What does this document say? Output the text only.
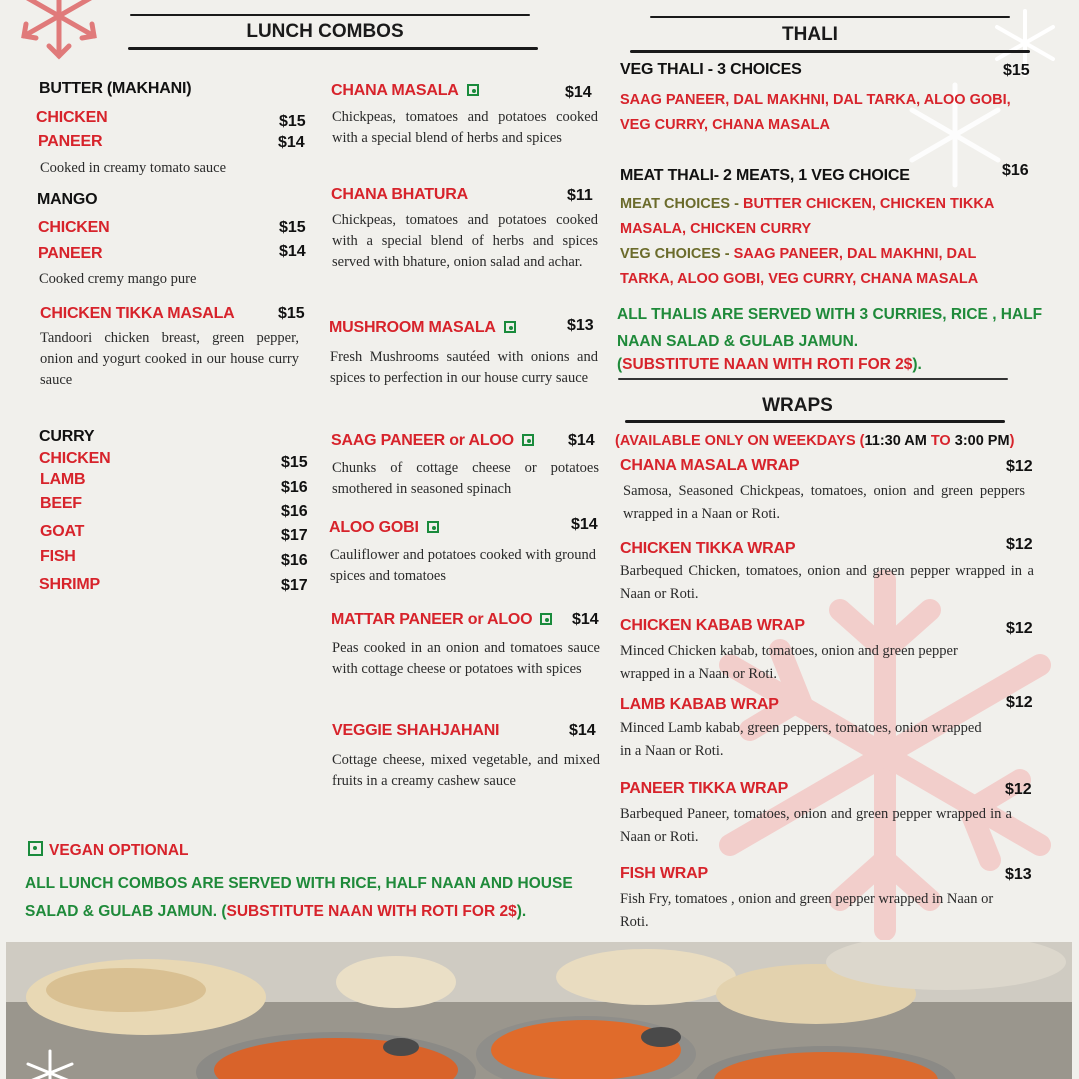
LUNCH COMBOS
BUTTER (MAKHANI)
CHICKEN	$15
PANEER	$14
Cooked in creamy tomato sauce
MANGO
CHICKEN	$15
PANEER	$14
Cooked cremy mango pure
CHICKEN TIKKA MASALA	$15
Tandoori chicken breast, green pepper, onion and yogurt cooked in our house curry sauce
CURRY
CHICKEN	$15
LAMB	$16
BEEF	$16
GOAT	$17
FISH	$16
SHRIMP	$17
CHANA MASALA	$14
Chickpeas, tomatoes and potatoes cooked with a special blend of herbs and spices
CHANA BHATURA	$11
Chickpeas, tomatoes and potatoes cooked with a special blend of herbs and spices served with bhature, onion salad and achar.
MUSHROOM MASALA	$13
Fresh Mushrooms sautéed with onions and spices to perfection in our house curry sauce
SAAG PANEER or ALOO	$14
Chunks of cottage cheese or potatoes smothered in seasoned spinach
ALOO GOBI	$14
Cauliflower and potatoes cooked with ground spices and tomatoes
MATTAR PANEER or ALOO	$14
Peas cooked in an onion and tomatoes sauce with cottage cheese or potatoes with spices
VEGGIE SHAHJAHANI	$14
Cottage cheese, mixed vegetable, and mixed fruits in a creamy cashew sauce
VEGAN OPTIONAL
ALL LUNCH COMBOS ARE SERVED WITH RICE, HALF NAAN AND HOUSE
SALAD & GULAB JAMUN. (SUBSTITUTE NAAN WITH ROTI FOR 2$).
THALI
VEG THALI - 3 CHOICES	$15
SAAG PANEER, DAL MAKHNI, DAL TARKA, ALOO GOBI, VEG CURRY, CHANA MASALA
MEAT THALI- 2 MEATS, 1 VEG CHOICE	$16
MEAT CHOICES - BUTTER CHICKEN, CHICKEN TIKKA MASALA, CHICKEN CURRY
VEG CHOICES - SAAG PANEER, DAL MAKHNI, DAL TARKA, ALOO GOBI, VEG CURRY, CHANA MASALA
ALL THALIS ARE SERVED WITH 3 CURRIES, RICE , HALF NAAN SALAD & GULAB JAMUN.
(SUBSTITUTE NAAN WITH ROTI FOR 2$).
WRAPS
(AVAILABLE ONLY ON WEEKDAYS (11:30 AM TO 3:00 PM)
CHANA MASALA WRAP	$12
Samosa, Seasoned Chickpeas, tomatoes, onion and green peppers wrapped in a Naan or Roti.
CHICKEN TIKKA WRAP	$12
Barbequed Chicken, tomatoes, onion and green pepper wrapped in a Naan or Roti.
CHICKEN KABAB WRAP	$12
Minced Chicken kabab, tomatoes, onion and green pepper wrapped in a Naan or Roti.
LAMB KABAB WRAP	$12
Minced Lamb kabab, green peppers, tomatoes, onion wrapped in a Naan or Roti.
PANEER TIKKA WRAP	$12
Barbequed Paneer, tomatoes, onion and green pepper wrapped in a Naan or Roti.
FISH WRAP	$13
Fish Fry, tomatoes , onion and green pepper wrapped in Naan or Roti.
